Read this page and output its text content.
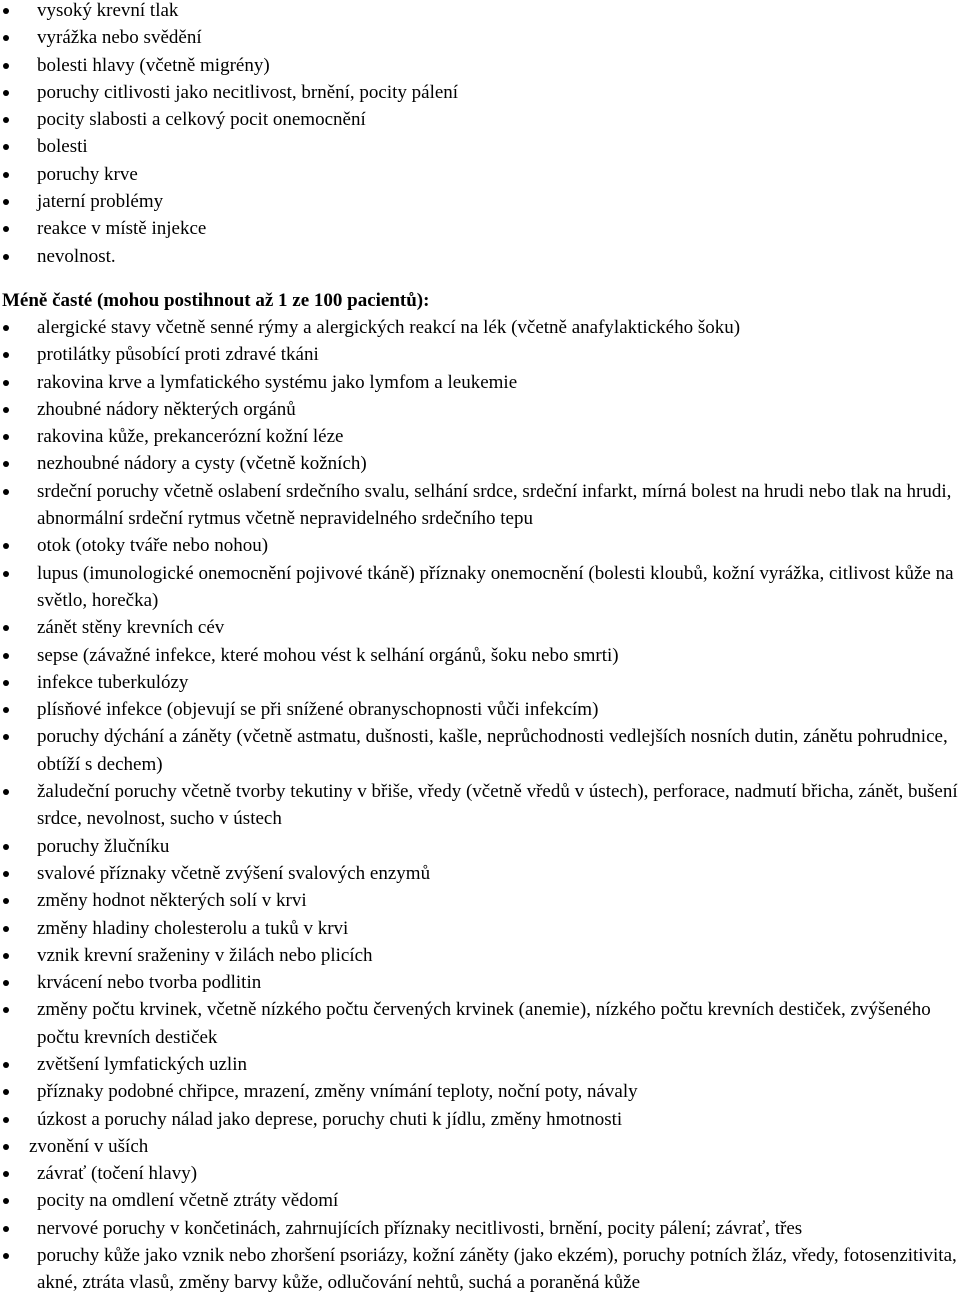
vysoký krevní tlak
vyrážka nebo svědění
bolesti hlavy (včetně migrény)
poruchy citlivosti jako necitlivost, brnění, pocity pálení
pocity slabosti a celkový pocit onemocnění
bolesti
poruchy krve
jaterní problémy
reakce v místě injekce
nevolnost.
Méně časté (mohou postihnout až 1 ze 100 pacientů):
alergické stavy včetně senné rýmy a alergických reakcí na lék (včetně anafylaktického šoku)
protilátky působící proti zdravé tkáni
rakovina krve a lymfatického systému jako lymfom a leukemie
zhoubné nádory některých orgánů
rakovina kůže, prekancerózní kožní léze
nezhoubné nádory a cysty (včetně kožních)
srdeční poruchy včetně oslabení srdečního svalu, selhání srdce, srdeční infarkt, mírná bolest na hrudi nebo tlak na hrudi, abnormální srdeční rytmus včetně nepravidelného srdečního tepu
otok (otoky tváře nebo nohou)
lupus (imunologické onemocnění pojivové tkáně) příznaky onemocnění (bolesti kloubů, kožní vyrážka, citlivost kůže na světlo, horečka)
zánět stěny krevních cév
sepse (závažné infekce, které mohou vést k selhání orgánů, šoku nebo smrti)
infekce tuberkulózy
plísňové infekce (objevují se při snížené obranyschopnosti vůči infekcím)
poruchy dýchání a záněty (včetně astmatu, dušnosti, kašle, neprůchodnosti vedlejších nosních dutin, zánětu pohrudnice, obtíží s dechem)
žaludeční poruchy včetně tvorby tekutiny v břiše, vředy (včetně vředů v ústech), perforace, nadmutí břicha, zánět, bušení srdce, nevolnost, sucho v ústech
poruchy žlučníku
svalové příznaky včetně zvýšení svalových enzymů
změny hodnot některých solí v krvi
změny hladiny cholesterolu a tuků v krvi
vznik krevní sraženiny v žilách nebo plicích
krvácení nebo tvorba podlitin
změny počtu krvinek, včetně nízkého počtu červených krvinek (anemie), nízkého počtu krevních destiček, zvýšeného počtu krevních destiček
zvětšení lymfatických uzlin
příznaky podobné chřipce, mrazení, změny vnímání teploty, noční poty, návaly
úzkost a poruchy nálad jako deprese, poruchy chuti k jídlu, změny hmotnosti
zvonění v uších
závrať (točení hlavy)
pocity na omdlení včetně ztráty vědomí
nervové poruchy v končetinách, zahrnujících příznaky necitlivosti, brnění, pocity pálení; závrať, třes
poruchy kůže jako vznik nebo zhoršení psoriázy, kožní záněty (jako ekzém), poruchy potních žláz, vředy, fotosenzitivita, akné, ztráta vlasů, změny barvy kůže, odlučování nehtů, suchá a poraněná kůže
